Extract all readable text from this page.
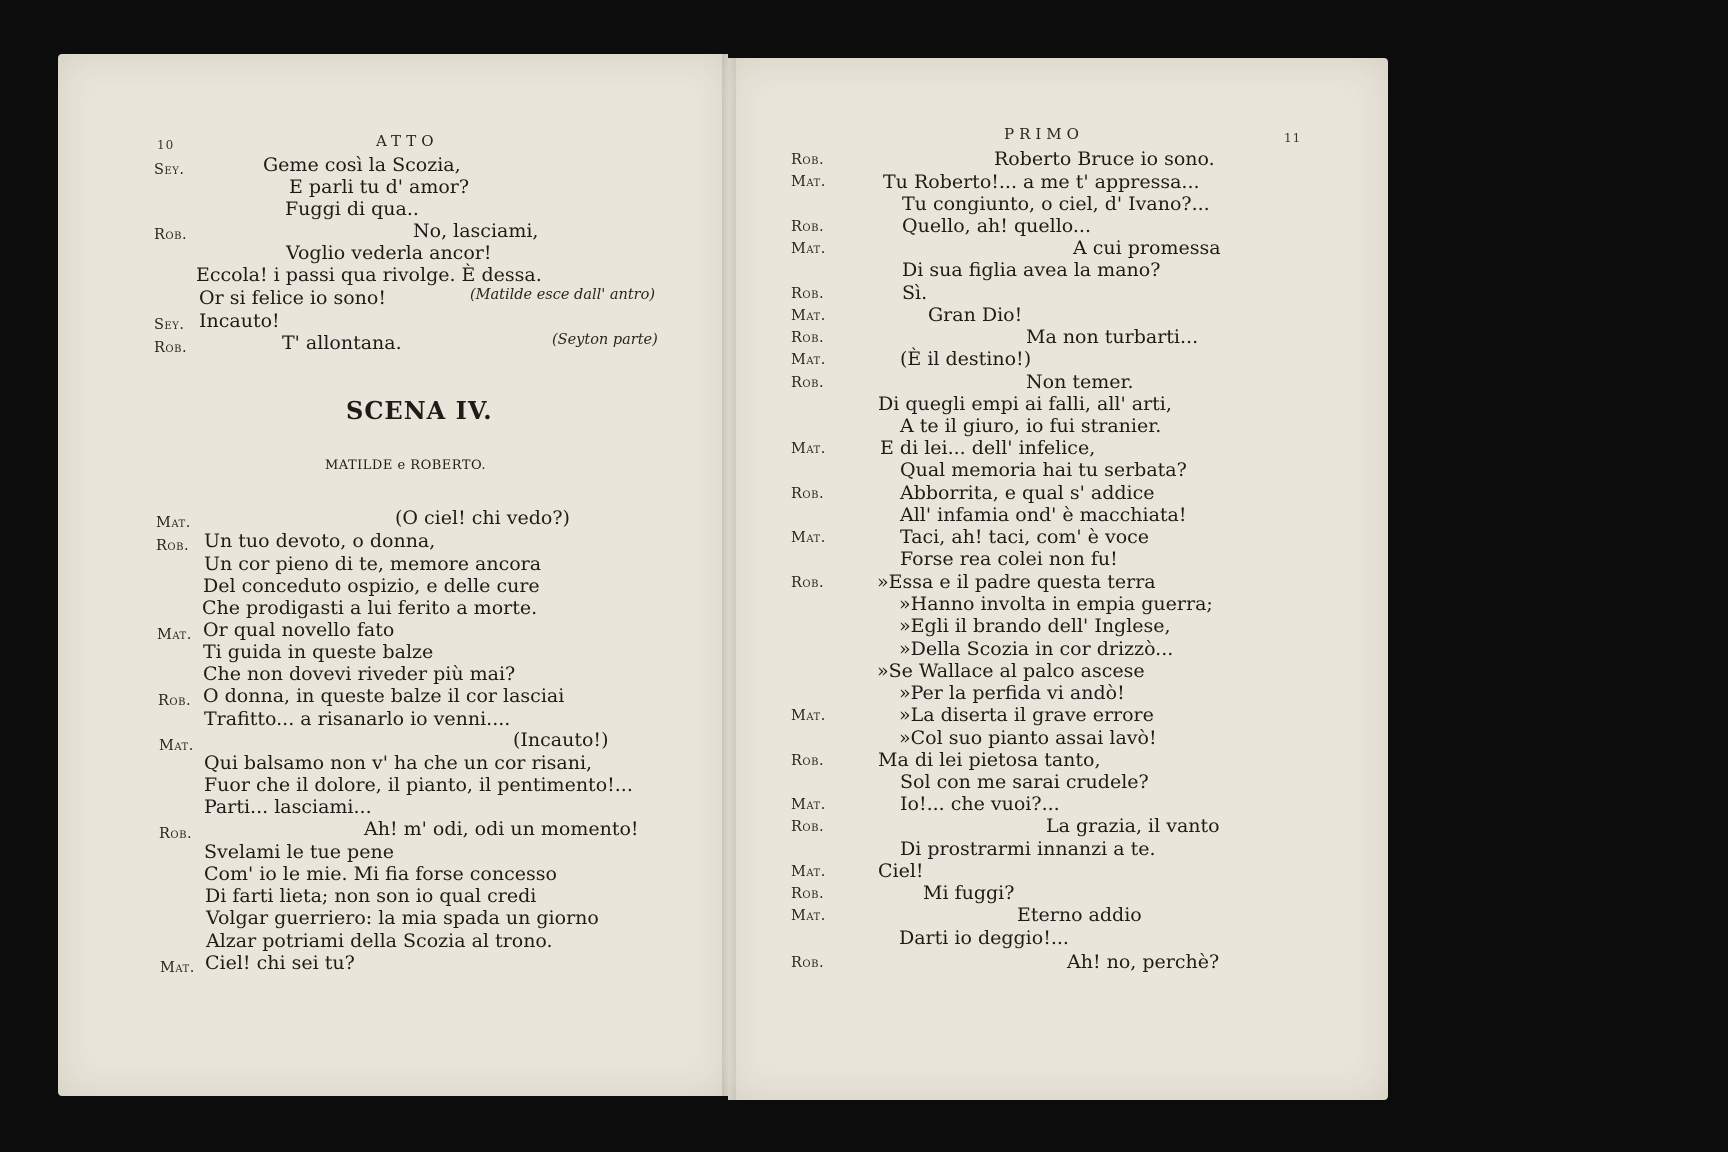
10	ATTO
Sey.	Geme così la Scozia,
E parli tu d' amor?
Fuggi di qua..
Rob.	No, lasciami,
Voglio vederla ancor!
Eccola! i passi qua rivolge. È dessa.
Or si felice io sono!	(Matilde esce dall' antro)
Sey. Incauto!
Rob.	T' allontana.	(Seyton parte)
SCENA IV.
MATILDE e ROBERTO.
Mat.	(O ciel! chi vedo?)
Rob. Un tuo devoto, o donna,
Un cor pieno di te, memore ancora
Del conceduto ospizio, e delle cure
Che prodigasti a lui ferito a morte.
Mat. Or qual novello fato
Ti guida in queste balze
Che non dovevi riveder più mai?
Rob. O donna, in queste balze il cor lasciai
Trafitto... a risanarlo io venni....
Mat.	(Incauto!)
Qui balsamo non v' ha che un cor risani,
Fuor che il dolore, il pianto, il pentimento!...
Parti... lasciami...
Rob.	Ah! m' odi, odi un momento!
Svelami le tue pene
Com' io le mie. Mi fia forse concesso
Di farti lieta; non son io qual credi
Volgar guerriero: la mia spada un giorno
Alzar potriami della Scozia al trono.
Mat. Ciel! chi sei tu?
PRIMO	11
Rob.	Roberto Bruce io sono.
Mat.	Tu Roberto!... a me t' appressa...
Tu congiunto, o ciel, d' Ivano?...
Rob.	Quello, ah! quello...
Mat.	A cui promessa
Di sua figlia avea la mano?
Rob.	Sì.
Mat.	Gran Dio!
Rob.	Ma non turbarti...
Mat.	(È il destino!)
Rob.	Non temer.
Di quegli empi ai falli, all' arti,
A te il giuro, io fui stranier.
Mat.	E di lei... dell' infelice,
Qual memoria hai tu serbata?
Rob.	Abborrita, e qual s' addice
All' infamia ond' è macchiata!
Mat.	Taci, ah! taci, com' è voce
Forse rea colei non fu!
Rob.	»Essa e il padre questa terra
»Hanno involta in empia guerra;
»Egli il brando dell' Inglese,
»Della Scozia in cor drizzò...
»Se Wallace al palco ascese
»Per la perfida vi andò!
Mat.	»La diserta il grave errore
»Col suo pianto assai lavò!
Rob.	Ma di lei pietosa tanto,
Sol con me sarai crudele?
Mat.	Io!... che vuoi?...
Rob.	La grazia, il vanto
Di prostrarmi innanzi a te.
Mat.	Ciel!
Rob.	Mi fuggi?
Mat.	Eterno addio
Darti io deggio!...
Rob.	Ah! no, perchè?
